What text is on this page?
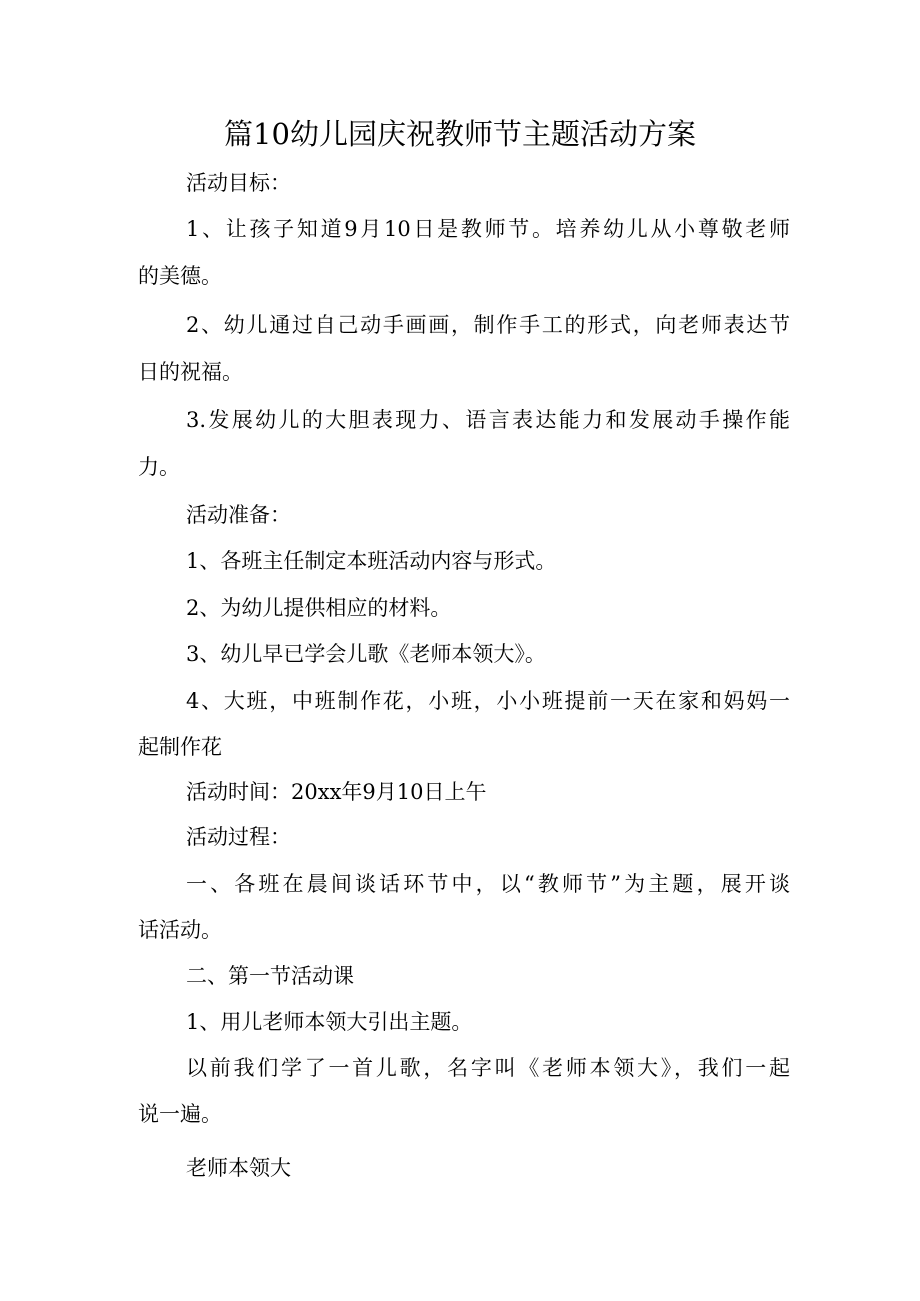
篇10幼儿园庆祝教师节主题活动方案
活动目标：
1、让孩子知道9月10日是教师节。培养幼儿从小尊敬老师
的美德。
2、幼儿通过自己动手画画，制作手工的形式，向老师表达节
日的祝福。
3.发展幼儿的大胆表现力、语言表达能力和发展动手操作能
力。
活动准备：
1、各班主任制定本班活动内容与形式。
2、为幼儿提供相应的材料。
3、幼儿早已学会儿歌《老师本领大》。
4、大班，中班制作花，小班，小小班提前一天在家和妈妈一
起制作花
活动时间：20xx年9月10日上午
活动过程：
一、各班在晨间谈话环节中，以“教师节”为主题，展开谈
话活动。
二、第一节活动课
1、用儿老师本领大引出主题。
以前我们学了一首儿歌，名字叫《老师本领大》，我们一起
说一遍。
老师本领大
